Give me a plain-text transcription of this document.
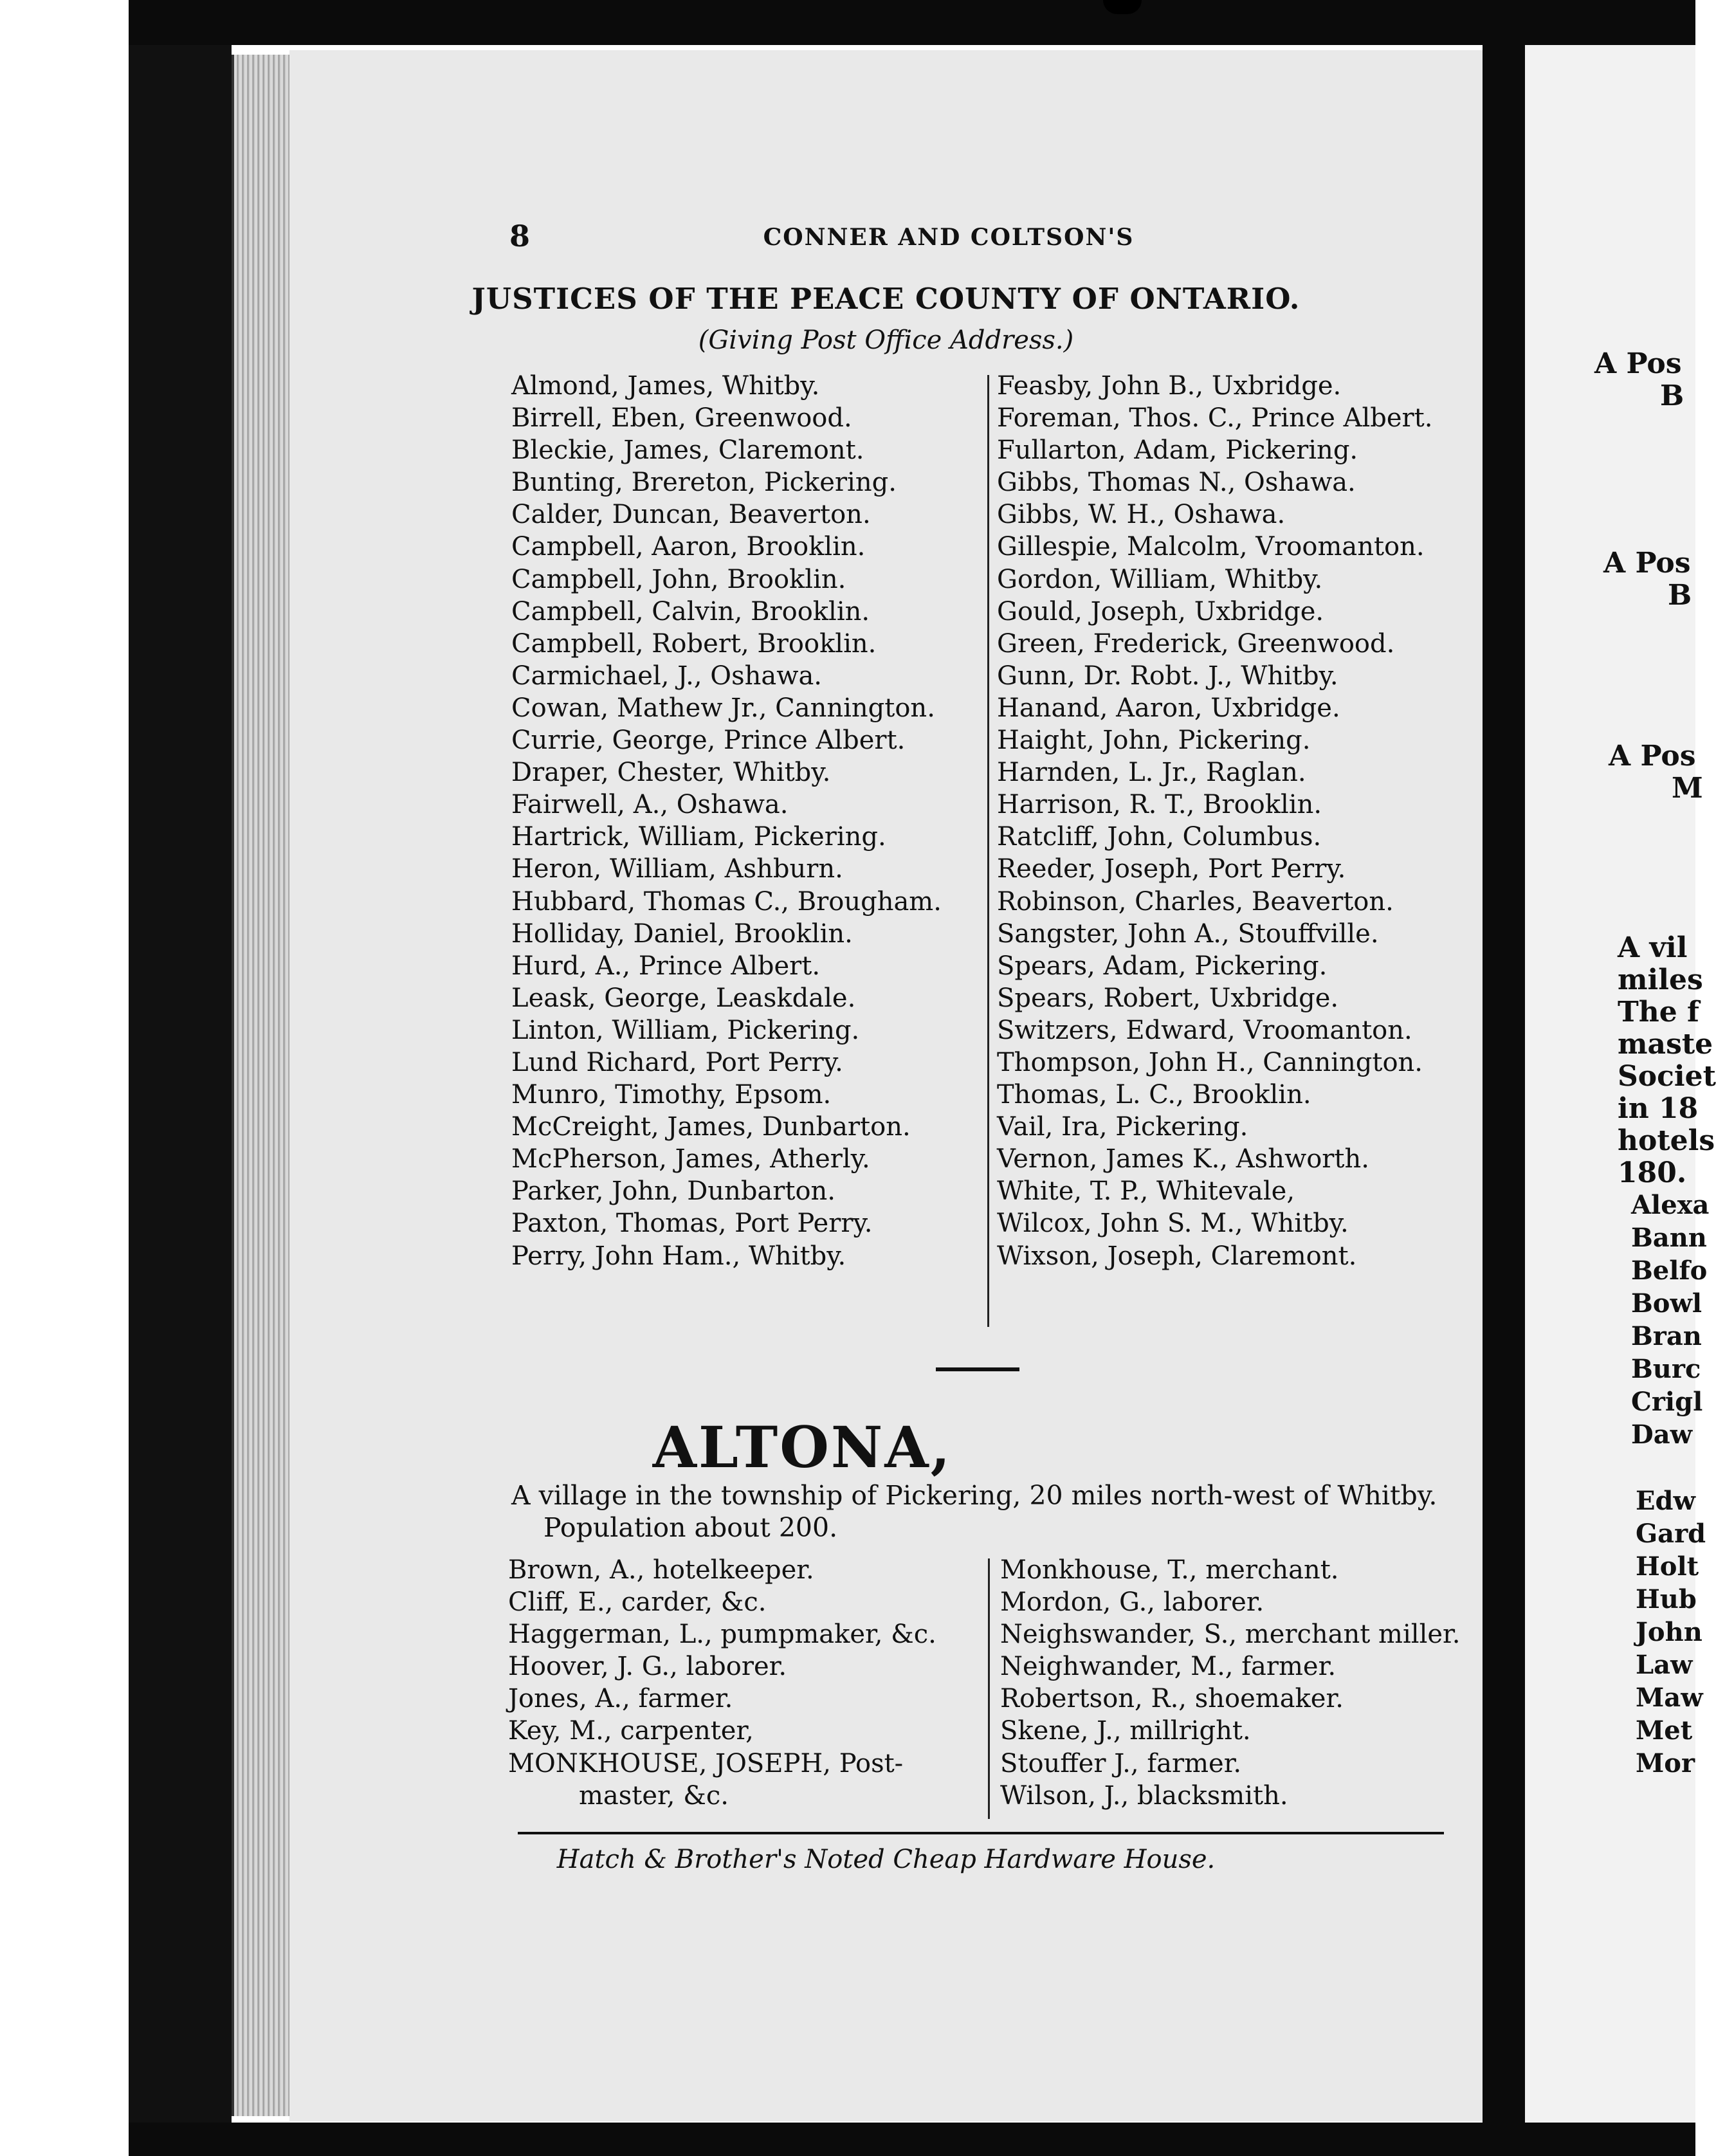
8	CONNER AND COLTSON'S
JUSTICES OF THE PEACE COUNTY OF ONTARIO.
(Giving Post Office Address.)
Almond, James, Whitby.
Birrell, Eben, Greenwood.
Bleckie, James, Claremont.
Bunting, Brereton, Pickering.
Calder, Duncan, Beaverton.
Campbell, Aaron, Brooklin.
Campbell, John, Brooklin.
Campbell, Calvin, Brooklin.
Campbell, Robert, Brooklin.
Carmichael, J., Oshawa.
Cowan, Mathew Jr., Cannington.
Currie, George, Prince Albert.
Draper, Chester, Whitby.
Fairwell, A., Oshawa.
Hartrick, William, Pickering.
Heron, William, Ashburn.
Hubbard, Thomas C., Brougham.
Holliday, Daniel, Brooklin.
Hurd, A., Prince Albert.
Leask, George, Leaskdale.
Linton, William, Pickering.
Lund Richard, Port Perry.
Munro, Timothy, Epsom.
McCreight, James, Dunbarton.
McPherson, James, Atherly.
Parker, John, Dunbarton.
Paxton, Thomas, Port Perry.
Perry, John Ham., Whitby.
Feasby, John B., Uxbridge.
Foreman, Thos. C., Prince Albert.
Fullarton, Adam, Pickering.
Gibbs, Thomas N., Oshawa.
Gibbs, W. H., Oshawa.
Gillespie, Malcolm, Vroomanton.
Gordon, William, Whitby.
Gould, Joseph, Uxbridge.
Green, Frederick, Greenwood.
Gunn, Dr. Robt. J., Whitby.
Hanand, Aaron, Uxbridge.
Haight, John, Pickering.
Harnden, L. Jr., Raglan.
Harrison, R. T., Brooklin.
Ratcliff, John, Columbus.
Reeder, Joseph, Port Perry.
Robinson, Charles, Beaverton.
Sangster, John A., Stouffville.
Spears, Adam, Pickering.
Spears, Robert, Uxbridge.
Switzers, Edward, Vroomanton.
Thompson, John H., Cannington.
Thomas, L. C., Brooklin.
Vail, Ira, Pickering.
Vernon, James K., Ashworth.
White, T. P., Whitevale,
Wilcox, John S. M., Whitby.
Wixson, Joseph, Claremont.
ALTONA,
A village in the township of Pickering, 20 miles north-west of Whitby.
Population about 200.
Brown, A., hotelkeeper.
Cliff, E., carder, &c.
Haggerman, L., pumpmaker, &c.
Hoover, J. G., laborer.
Jones, A., farmer.
Key, M., carpenter,
MONKHOUSE, JOSEPH, Post-
master, &c.
Monkhouse, T., merchant.
Mordon, G., laborer.
Neighswander, S., merchant miller.
Neighwander, M., farmer.
Robertson, R., shoemaker.
Skene, J., millright.
Stouffer J., farmer.
Wilson, J., blacksmith.
Hatch & Brother's Noted Cheap Hardware House.
A Pos
B
A Pos
B
A Pos
M
A vil
miles
The f
maste
Societ
in 18
hotels
180.
Alexa
Bann
Belfo
Bowl
Bran
Burc
Crigl
Daw
Edw
Gard
Holt
Hub
John
Law
Maw
Met
Mor
